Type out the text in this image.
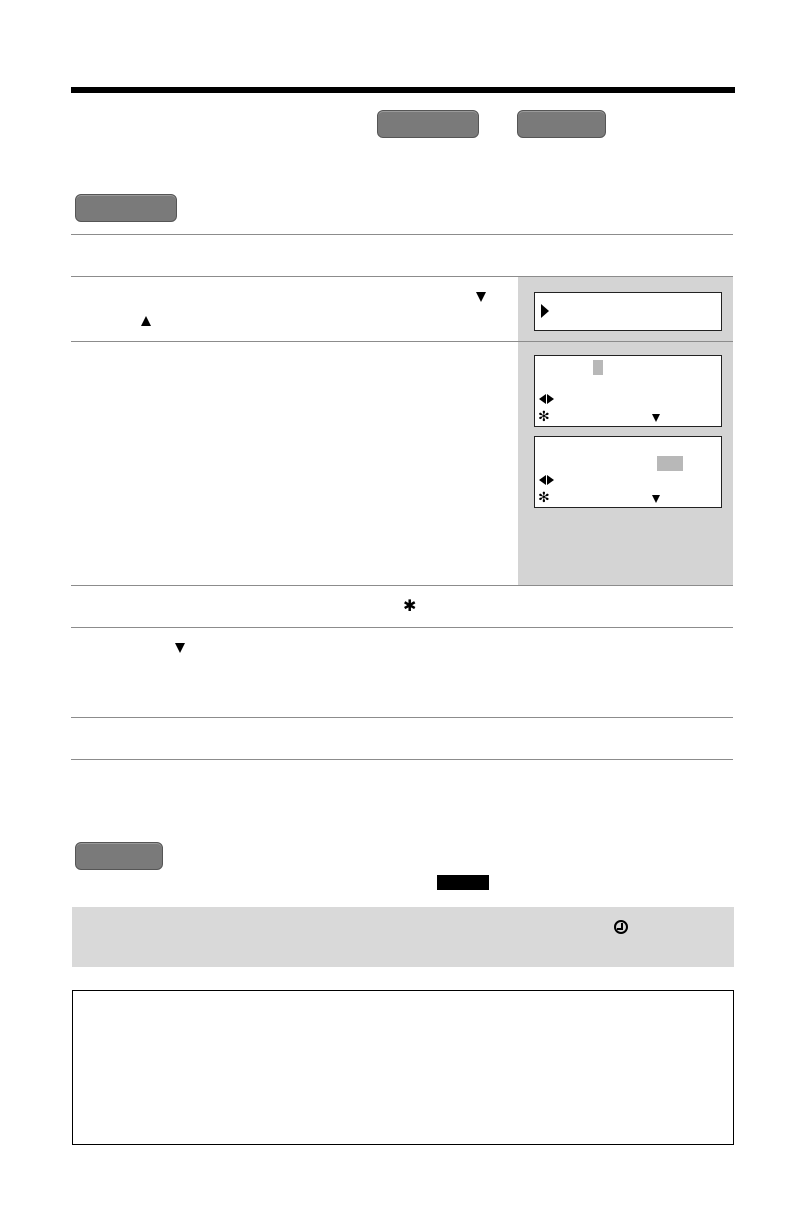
✻
✻
✱
